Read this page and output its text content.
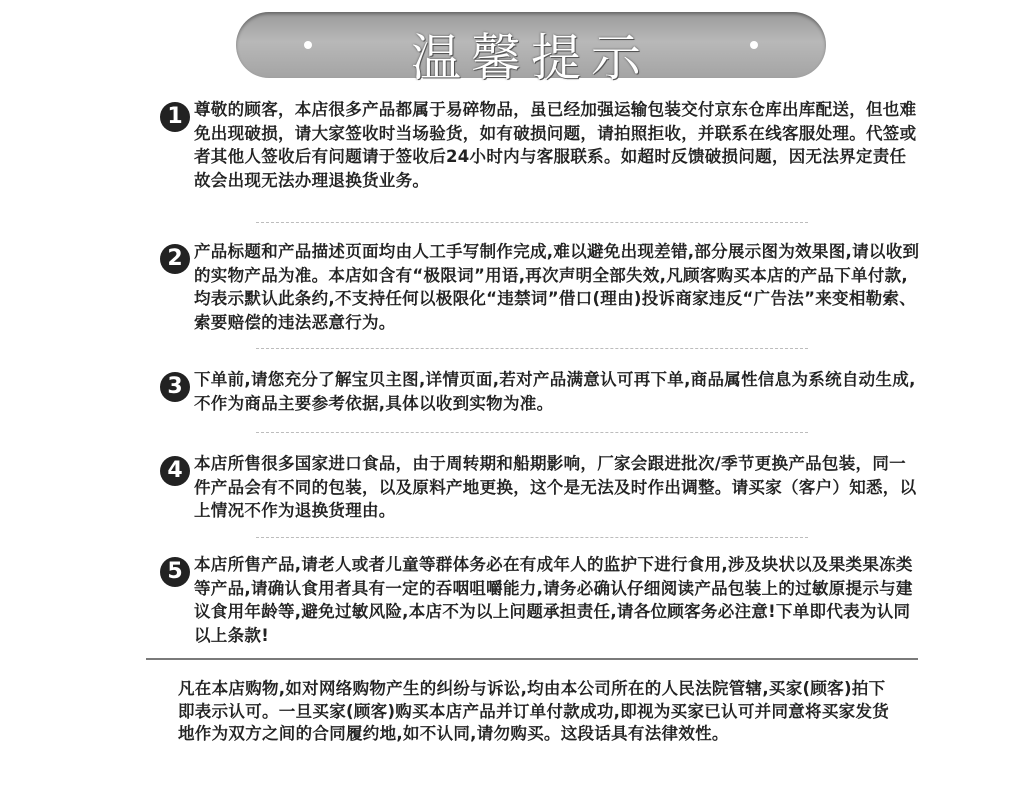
温馨提示
1 尊敬的顾客，本店很多产品都属于易碎物品，虽已经加强运输包装交付京东仓库出库配送，但也难免出现破损，请大家签收时当场验货，如有破损问题，请拍照拒收，并联系在线客服处理。代签或者其他人签收后有问题请于签收后24小时内与客服联系。如超时反馈破损问题，因无法界定责任故会出现无法办理退换货业务。
2 产品标题和产品描述页面均由人工手写制作完成,难以避免出现差错,部分展示图为效果图,请以收到的实物产品为准。本店如含有“极限词”用语,再次声明全部失效,凡顾客购买本店的产品下单付款,均表示默认此条约,不支持任何以极限化“违禁词”借口(理由)投诉商家违反“广告法”来变相勒索、索要赔偿的违法恶意行为。
3 下单前,请您充分了解宝贝主图,详情页面,若对产品满意认可再下单,商品属性信息为系统自动生成,不作为商品主要参考依据,具体以收到实物为准。
4 本店所售很多国家进口食品，由于周转期和船期影响，厂家会跟进批次/季节更换产品包装，同一件产品会有不同的包装，以及原料产地更换，这个是无法及时作出调整。请买家（客户）知悉，以上情况不作为退换货理由。
5 本店所售产品,请老人或者儿童等群体务必在有成年人的监护下进行食用,涉及块状以及果类果冻类等产品,请确认食用者具有一定的吞咽咀嚼能力,请务必确认仔细阅读产品包装上的过敏原提示与建议食用年龄等,避免过敏风险,本店不为以上问题承担责任,请各位顾客务必注意!下单即代表为认同以上条款!
凡在本店购物,如对网络购物产生的纠纷与诉讼,均由本公司所在的人民法院管辖,买家(顾客)拍下即表示认可。一旦买家(顾客)购买本店产品并订单付款成功,即视为买家已认可并同意将买家发货地作为双方之间的合同履约地,如不认同,请勿购买。这段话具有法律效性。
